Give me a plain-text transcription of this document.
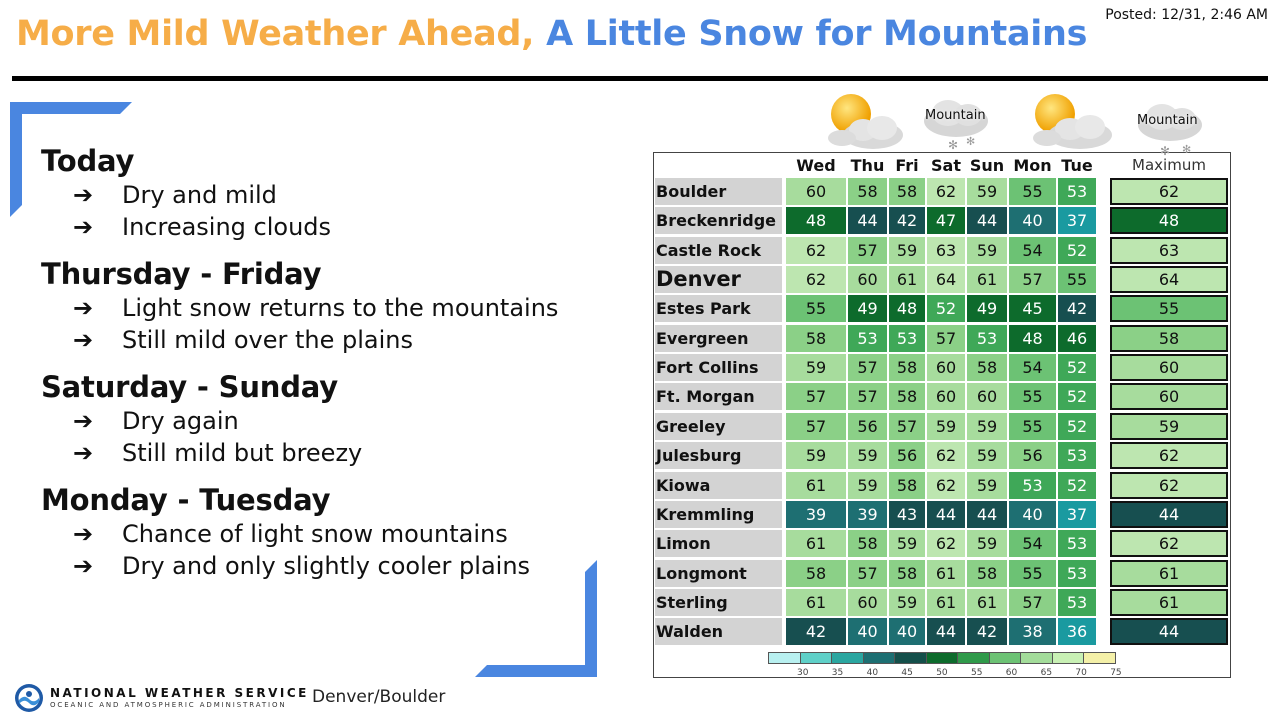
More Mild Weather Ahead, A Little Snow for Mountains Posted: 12/31, 2:46 AM
Today
➔ Dry and mild
➔ Increasing clouds
Thursday - Friday
➔ Light snow returns to the mountains
➔ Still mild over the plains
Saturday - Sunday
➔ Dry again
➔ Still mild but breezy
Monday - Tuesday
➔ Chance of light snow mountains
➔ Dry and only slightly cooler plains
NATIONAL WEATHER SERVICE
OCEANIC AND ATMOSPHERIC ADMINISTRATION Denver/Boulder
✻ ✻
✻ ✻
Mountain	Mountain
Wed Thu Fri Sat Sun Mon Tue	Maximum
Boulder	60	58	58	62	59	55	53	62
Breckenridge	48	44	42	47	44	40	37	48
Castle Rock	62	57	59	63	59	54	52	63
Denver	62	60	61	64	61	57	55	64
Estes Park	55	49	48	52	49	45	42	55
Evergreen	58	53	53	57	53	48	46	58
Fort Collins	59	57	58	60	58	54	52	60
Ft. Morgan	57	57	58	60	60	55	52	60
Greeley	57	56	57	59	59	55	52	59
Julesburg	59	59	56	62	59	56	53	62
Kiowa	61	59	58	62	59	53	52	62
Kremmling	39	39	43	44	44	40	37	44
Limon	61	58	59	62	59	54	53	62
Longmont	58	57	58	61	58	55	53	61
Sterling	61	60	59	61	61	57	53	61
Walden	42	40	40	44	42	38	36	44
30	35	40	45	50	55	60	65	70	75
